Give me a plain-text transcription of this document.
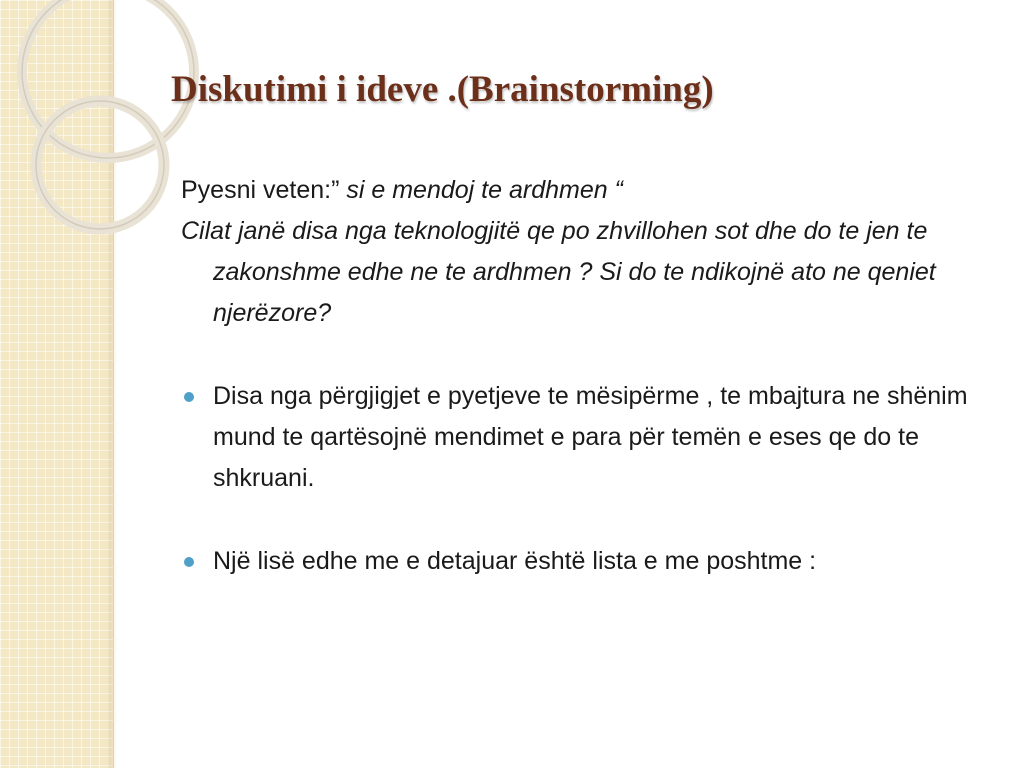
Diskutimi i ideve .(Brainstorming)

Pyesni veten:” si e mendoj te ardhmen “

Cilat janë disa nga teknologjitë qe po zhvillohen sot dhe do te jen te zakonshme edhe ne te ardhmen ? Si do te ndikojnë ato ne qeniet njerëzore?

Disa nga përgjigjet e pyetjeve te mësipërme , te mbajtura ne shënim mund te qartësojnë mendimet e para për temën e eses qe do te shkruani.
Një lisë edhe me e detajuar është lista e me poshtme :
